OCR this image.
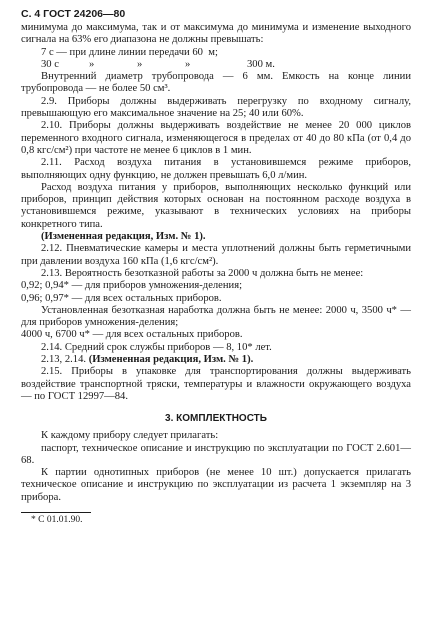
С. 4 ГОСТ 24206—80

минимума до максимума, так и от максимума до минимума и изменение выходного сигнала на 63% его диапазона не должны превышать:

7 с — при длине линии передачи 60  м;
30 с	»	»	»	300 м.

Внутренний диаметр трубопровода — 6 мм. Емкость на конце линии трубопровода — не более 50 см³.

2.9. Приборы должны выдерживать перегрузку по входному сигналу, превышающую его максимальное значение на 25; 40 или 60%.

2.10. Приборы должны выдерживать воздействие не менее 20 000 циклов переменного входного сигнала, изменяющегося в пределах от 40 до 80 кПа (от 0,4 до 0,8 кгс/см²) при частоте не менее 6 циклов в 1 мин.

2.11. Расход воздуха питания в установившемся режиме приборов, выполняющих одну функцию, не должен превышать 6,0 л/мин.

Расход воздуха питания у приборов, выполняющих несколько функций или приборов, принцип действия которых основан на постоянном расходе воздуха в установившемся режиме, указывают в технических условиях на приборы конкретного типа.

(Измененная редакция, Изм. № 1).

2.12. Пневматические камеры и места уплотнений должны быть герметичными при давлении воздуха 160 кПа (1,6 кгс/см²).

2.13. Вероятность безотказной работы за 2000 ч должна быть не менее:

0,92; 0,94* — для приборов умножения-деления;

0,96; 0,97* — для всех остальных приборов.

Установленная безотказная наработка должна быть не менее: 2000 ч, 3500 ч* — для приборов умножения-деления;

4000 ч, 6700 ч* — для всех остальных приборов.

2.14. Средний срок службы приборов — 8, 10* лет.

2.13, 2.14. (Измененная редакция, Изм. № 1).

2.15. Приборы в упаковке для транспортирования должны выдерживать воздействие транспортной тряски, температуры и влажности окружающего воздуха — по ГОСТ 12997—84.

3. КОМПЛЕКТНОСТЬ

К каждому прибору следует прилагать:

паспорт, техническое описание и инструкцию по эксплуатации по ГОСТ 2.601—68.

К партии однотипных приборов (не менее 10 шт.) допускается прилагать техническое описание и инструкцию по эксплуатации из расчета 1 экземпляр на 3 прибора.

* С 01.01.90.
